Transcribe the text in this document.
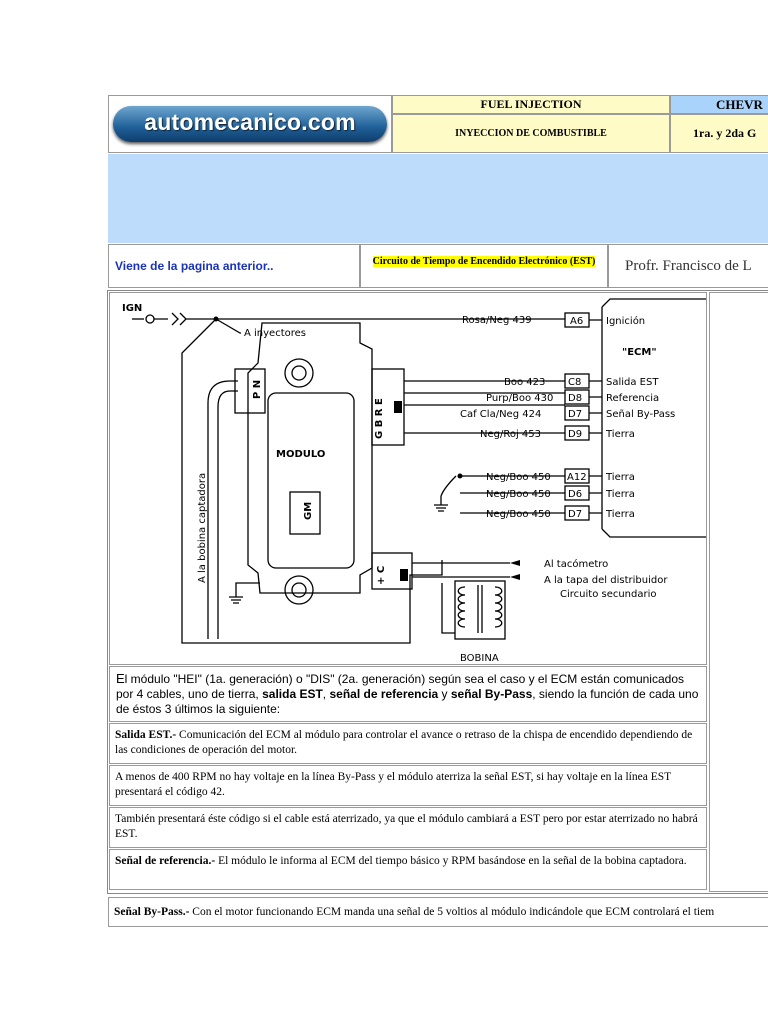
automecanico.com
FUEL INJECTION
INYECCION DE COMBUSTIBLE
CHEVR
1ra. y 2da G
Viene de la pagina anterior..	Circuito de Tiempo de Encendido Electrónico (EST)	Profr. Francisco de L
IGN
A inyectores
Rosa/Neg 439	A6 Ignición
"ECM"
Boo 423 C8 Salida EST
Purp/Boo 430 D8 Referencia
Caf Cla/Neg 424	D7 Señal By-Pass
Neg/Roj 453	D9 Tierra
Neg/Boo 450 A12 Tierra
Neg/Boo 450 D6 Tierra
Neg/Boo 450 D7 Tierra
MODULO
GM
A la bobina captadora
P N
G B R E
+ C
Al tacómetro
A la tapa del distribuidor
Circuito secundario
BOBINA
El módulo "HEI" (1a. generación) o "DIS" (2a. generación) según sea el caso y el ECM están comunicados por 4 cables, uno de tierra, salida EST, señal de referencia y señal By-Pass, siendo la función de cada uno de éstos 3 últimos la siguiente:
Salida EST.- Comunicación del ECM al módulo para controlar el avance o retraso de la chispa de encendido dependiendo de las condiciones de operación del motor.
A menos de 400 RPM no hay voltaje en la línea By-Pass y el módulo aterriza la señal EST, si hay voltaje en la línea EST presentará el código 42.
También presentará éste código si el cable está aterrizado, ya que el módulo cambiará a EST pero por estar aterrizado no habrá EST.
Señal de referencia.- El módulo le informa al ECM del tiempo básico y RPM basándose en la señal de la bobina captadora.
Señal By-Pass.- Con el motor funcionando ECM manda una señal de 5 voltios al módulo indicándole que ECM controlará el tiem
